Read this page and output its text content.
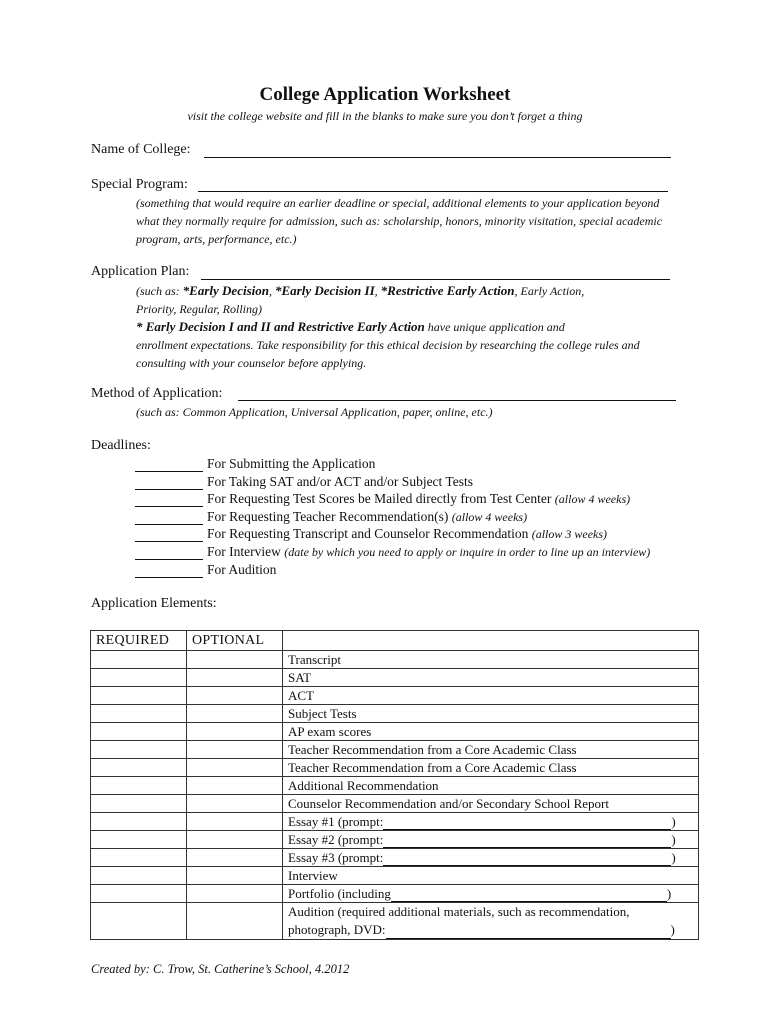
College Application Worksheet
visit the college website and fill in the blanks to make sure you don’t forget a thing
Name of College:
Special Program:
(something that would require an earlier deadline or special, additional elements to your application beyond
what they normally require for admission, such as: scholarship, honors, minority visitation, special academic
program, arts, performance, etc.)
Application Plan:
(such as: *Early Decision, *Early Decision II, *Restrictive Early Action, Early Action,
Priority, Regular, Rolling)
* Early Decision I and II and Restrictive Early Action have unique application and
enrollment expectations. Take responsibility for this ethical decision by researching the college rules and
consulting with your counselor before applying.
Method of Application:
(such as: Common Application, Universal Application, paper, online, etc.)
Deadlines:
For Submitting the Application
For Taking SAT and/or ACT and/or Subject Tests
For Requesting Test Scores be Mailed directly from Test Center (allow 4 weeks)
For Requesting Teacher Recommendation(s) (allow 4 weeks)
For Requesting Transcript and Counselor Recommendation (allow 3 weeks)
For Interview (date by which you need to apply or inquire in order to line up an interview)
For Audition
Application Elements:
REQUIRED	OPTIONAL	
		Transcript
		SAT
		ACT
		Subject Tests
		AP exam scores
		Teacher Recommendation from a Core Academic Class
		Teacher Recommendation from a Core Academic Class
		Additional Recommendation
		Counselor Recommendation and/or Secondary School Report
		Essay #1 (prompt: )
		Essay #2 (prompt: )
		Essay #3 (prompt: )
		Interview
		Portfolio (including )

		Audition (required additional materials, such as recommendation,
photograph, DVD: )
Created by: C. Trow, St. Catherine’s School, 4.2012
